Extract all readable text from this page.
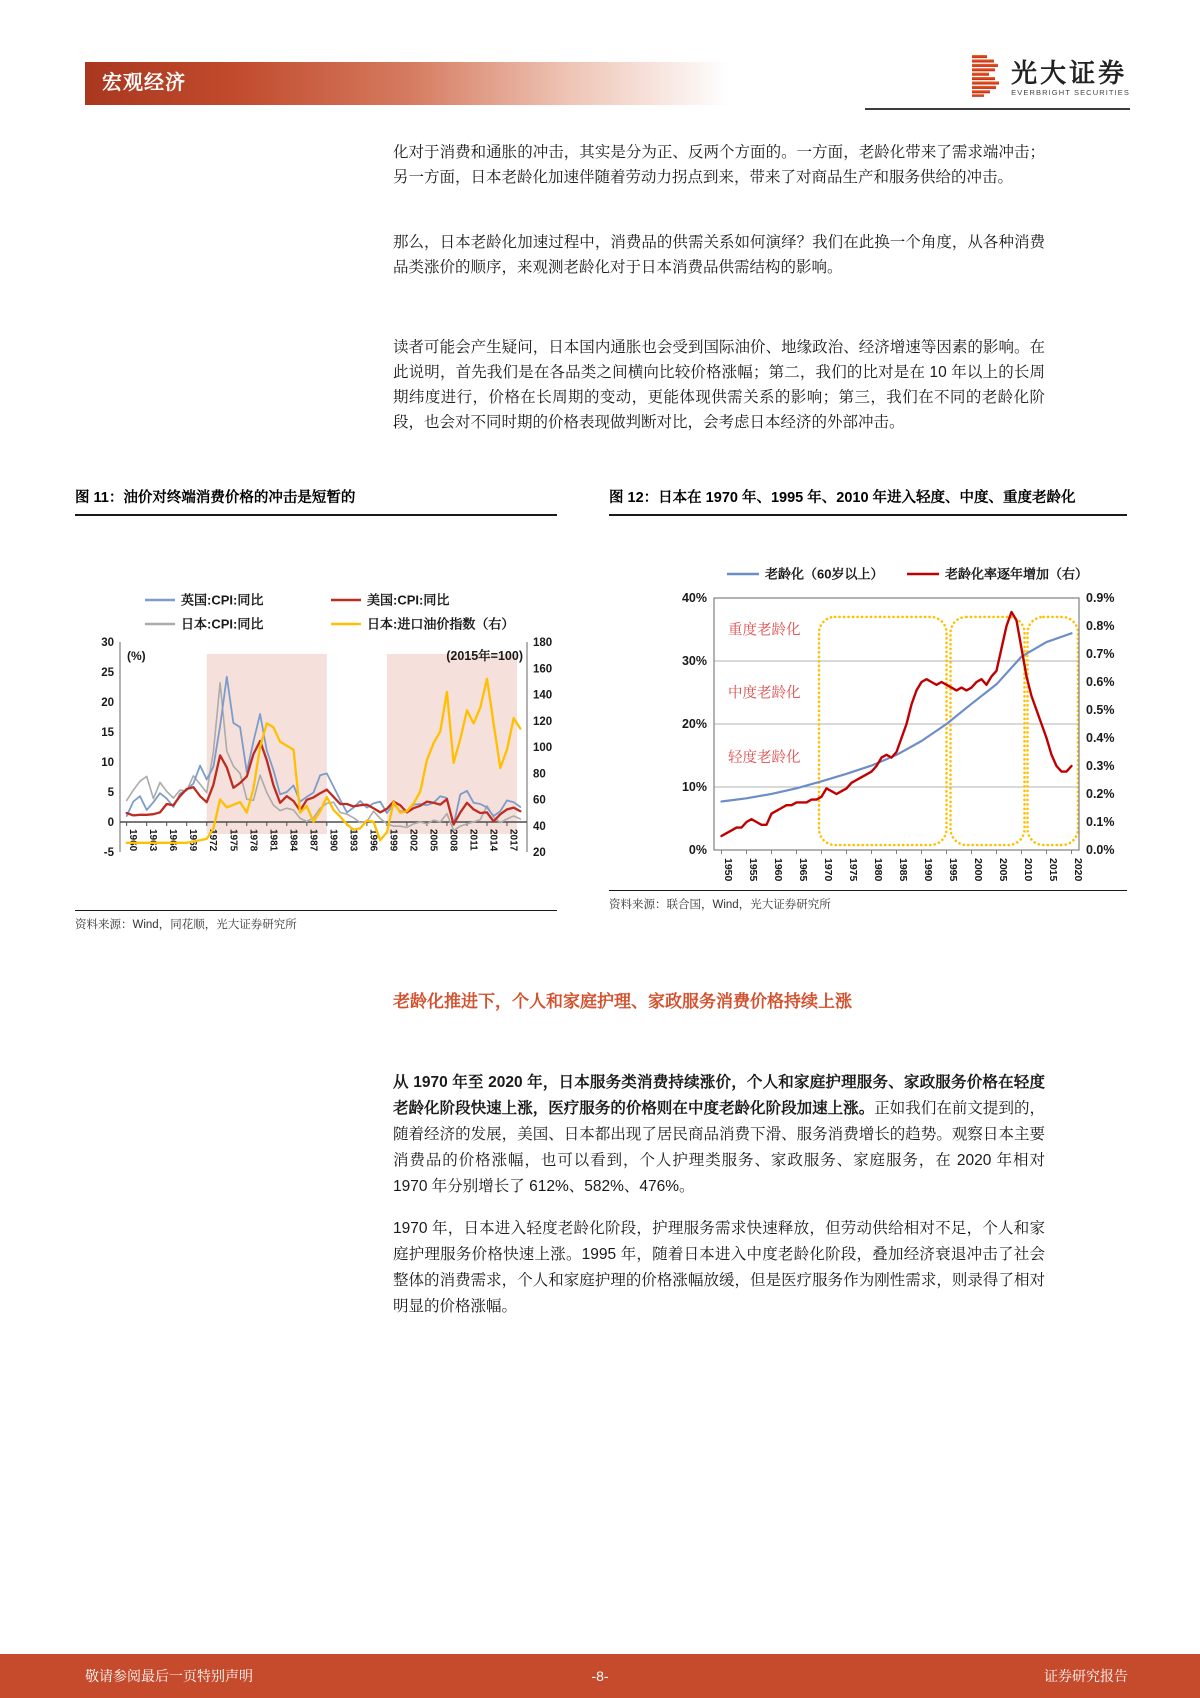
宏观经济	光大证券
EVERBRIGHT SECURITIES

化对于消费和通胀的冲击，其实是分为正、反两个方面的。一方面，老龄化带来了需求端冲击；另一方面，日本老龄化加速伴随着劳动力拐点到来，带来了对商品生产和服务供给的冲击。

那么，日本老龄化加速过程中，消费品的供需关系如何演绎？我们在此换一个角度，从各种消费品类涨价的顺序，来观测老龄化对于日本消费品供需结构的影响。

读者可能会产生疑问，日本国内通胀也会受到国际油价、地缘政治、经济增速等因素的影响。在此说明，首先我们是在各品类之间横向比较价格涨幅；第二，我们的比对是在 10 年以上的长周期纬度进行，价格在长周期的变动，更能体现供需关系的影响；第三，我们在不同的老龄化阶段，也会对不同时期的价格表现做判断对比，会考虑日本经济的外部冲击。

图 11：油价对终端消费价格的冲击是短暂的
30
25
20
15
10
5
0
-5
180
160
140
120
100
80
60
40
20
(%)	(2015年=100)
1960 1963 1966 1969 1972 1975 1978 1981 1984 1987 1990 1993 1996 1999 2002 2005 2008 2011 2014 2017
英国:CPI:同比	美国:CPI:同比
日本:CPI:同比	日本:进口油价指数（右）
资料来源：Wind，同花顺，光大证券研究所
图 12：日本在 1970 年、1995 年、2010 年进入轻度、中度、重度老龄化
重度老龄化
中度老龄化
轻度老龄化
40%
30%
20%
10%
0%
0.9%
0.8%
0.7%
0.6%
0.5%
0.4%
0.3%
0.2%
0.1%
0.0%
1950 1955 1960 1965 1970 1975 1980 1985 1990 1995 2000 2005 2010 2015 2020
老龄化（60岁以上）	老龄化率逐年增加（右）
资料来源：联合国，Wind，光大证券研究所
老龄化推进下，个人和家庭护理、家政服务消费价格持续上涨

从 1970 年至 2020 年，日本服务类消费持续涨价，个人和家庭护理服务、家政服务价格在轻度老龄化阶段快速上涨，医疗服务的价格则在中度老龄化阶段加速上涨。正如我们在前文提到的，随着经济的发展，美国、日本都出现了居民商品消费下滑、服务消费增长的趋势。观察日本主要消费品的价格涨幅，也可以看到，个人护理类服务、家政服务、家庭服务，在 2020 年相对 1970 年分别增长了 612%、582%、476%。

1970 年，日本进入轻度老龄化阶段，护理服务需求快速释放，但劳动供给相对不足，个人和家庭护理服务价格快速上涨。1995 年，随着日本进入中度老龄化阶段，叠加经济衰退冲击了社会整体的消费需求，个人和家庭护理的价格涨幅放缓，但是医疗服务作为刚性需求，则录得了相对明显的价格涨幅。

敬请参阅最后一页特别声明	-8-	证券研究报告
